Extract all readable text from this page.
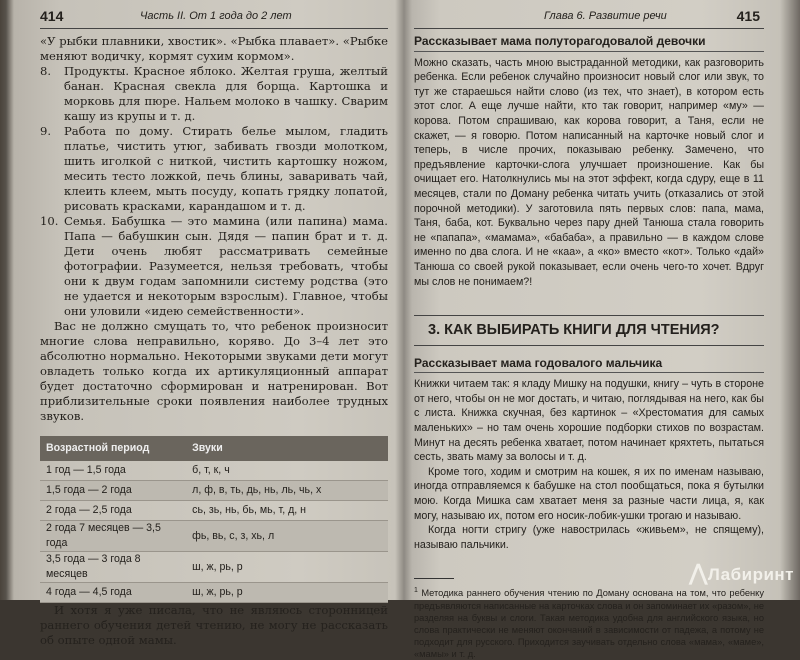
414	Часть II. От 1 года до 2 лет

«У рыбки плавники, хвостик». «Рыбка плавает». «Рыбке меняют водичку, кормят сухим кормом».

8. Продукты. Красное яблоко. Желтая груша, желтый банан. Красная свекла для борща. Картошка и морковь для пюре. Нальем молоко в чашку. Сварим кашу из крупы и т. д.
9. Работа по дому. Стирать белье мылом, гладить платье, чистить утюг, забивать гвозди молотком, шить иголкой с ниткой, чистить картошку ножом, месить тесто ложкой, печь блины, заваривать чай, клеить клеем, мыть посуду, копать грядку лопатой, рисовать красками, карандашом и т. д.
10. Семья. Бабушка — это мамина (или папина) мама. Папа — бабушкин сын. Дядя — папин брат и т. д. Дети очень любят рассматривать семейные фотографии. Разумеется, нельзя требовать, чтобы они к двум годам запомнили систему родства (это не удается и некоторым взрослым). Главное, чтобы они уловили «идею семейственности».

Вас не должно смущать то, что ребенок произносит многие слова неправильно, коряво. До 3–4 лет это абсолютно нормально. Некоторыми звуками дети могут овладеть только когда их артикуляционный аппарат будет достаточно сформирован и натренирован. Вот приблизительные сроки появления наиболее трудных звуков.

Возрастной период	Звуки
1 год — 1,5 года	б, т, к, ч
1,5 года — 2 года	л, ф, в, ть, дь, нь, ль, чь, х
2 года — 2,5 года	сь, зь, нь, бь, мь, т, д, н
2 года 7 месяцев — 3,5 года	фь, вь, с, з, хь, л
3,5 года — 3 года 8 месяцев	ш, ж, рь, р
4 года — 4,5 года	ш, ж, рь, р

И хотя я уже писала, что не являюсь сторонницей раннего обучения детей чтению, не могу не рассказать об опыте одной мамы.

Глава 6. Развитие речи	415
Рассказывает мама полуторагодовалой девочки

Можно сказать, часть мною выстраданной методики, как разговорить ребенка. Если ребенок случайно произносит новый слог или звук, то тут же стараешься найти слово (из тех, что знает), в котором есть этот слог. А еще лучше найти, кто так говорит, например «му» — корова. Потом спрашиваю, как корова говорит, а Таня, если не скажет, — я говорю. Потом написанный на карточке новый слог и теперь, в числе прочих, показываю ребенку. Замечено, что предъявление карточки-слога улучшает произношение. Как бы очищает его. Натолкнулись мы на этот эффект, когда сдуру, еще в 11 месяцев, стали по Доману ребенка читать учить (отказались от этой порочной методики). У заготовила пять первых слов: папа, мама, Таня, баба, кот. Буквально через пару дней Танюша стала говорить не «папапа», «мамама», «бабаба», а правильно — в каждом слове именно по два слога. И не «каа», а «ко» вместо «кот». Только «дай» Танюша со своей рукой показывает, если очень чего-то хочет. Вдруг мы слов не понимаем?!

3. КАК ВЫБИРАТЬ КНИГИ ДЛЯ ЧТЕНИЯ?
Рассказывает мама годовалого мальчика

Книжки читаем так: я кладу Мишку на подушки, книгу – чуть в стороне от него, чтобы он не мог достать, и читаю, поглядывая на него, как бы с листа. Книжка скучная, без картинок – «Хрестоматия для самых маленьких» – но там очень хорошие подборки стихов по возрастам. Минут на десять ребенка хватает, потом начинает кряхтеть, пытаться сесть, звать маму за волосы и т. д.

Кроме того, ходим и смотрим на кошек, я их по именам называю, иногда отправляемся к бабушке на стол пообщаться, пока я бутылки мою. Когда Мишка сам хватает меня за разные части лица, я, как могу, называю их, потом его носик-лобик-ушки трогаю и называю.

Когда ногти стригу (уже навострилась «живьем», не спящему), называю пальчики.

$^1$ Методика раннего обучения чтению по Доману основана на том, что ребенку предъявляются написанные на карточках слова и он запоминает их «разом», не разделяя на буквы и слоги. Такая методика удобна для английского языка, но слова практически не меняют окончаний в зависимости от падежа, а потому не подходит для русского. Приходится заучивать отдельно слова «мама», «маме», «мамы» и т. д.

⋀Лабиринт
